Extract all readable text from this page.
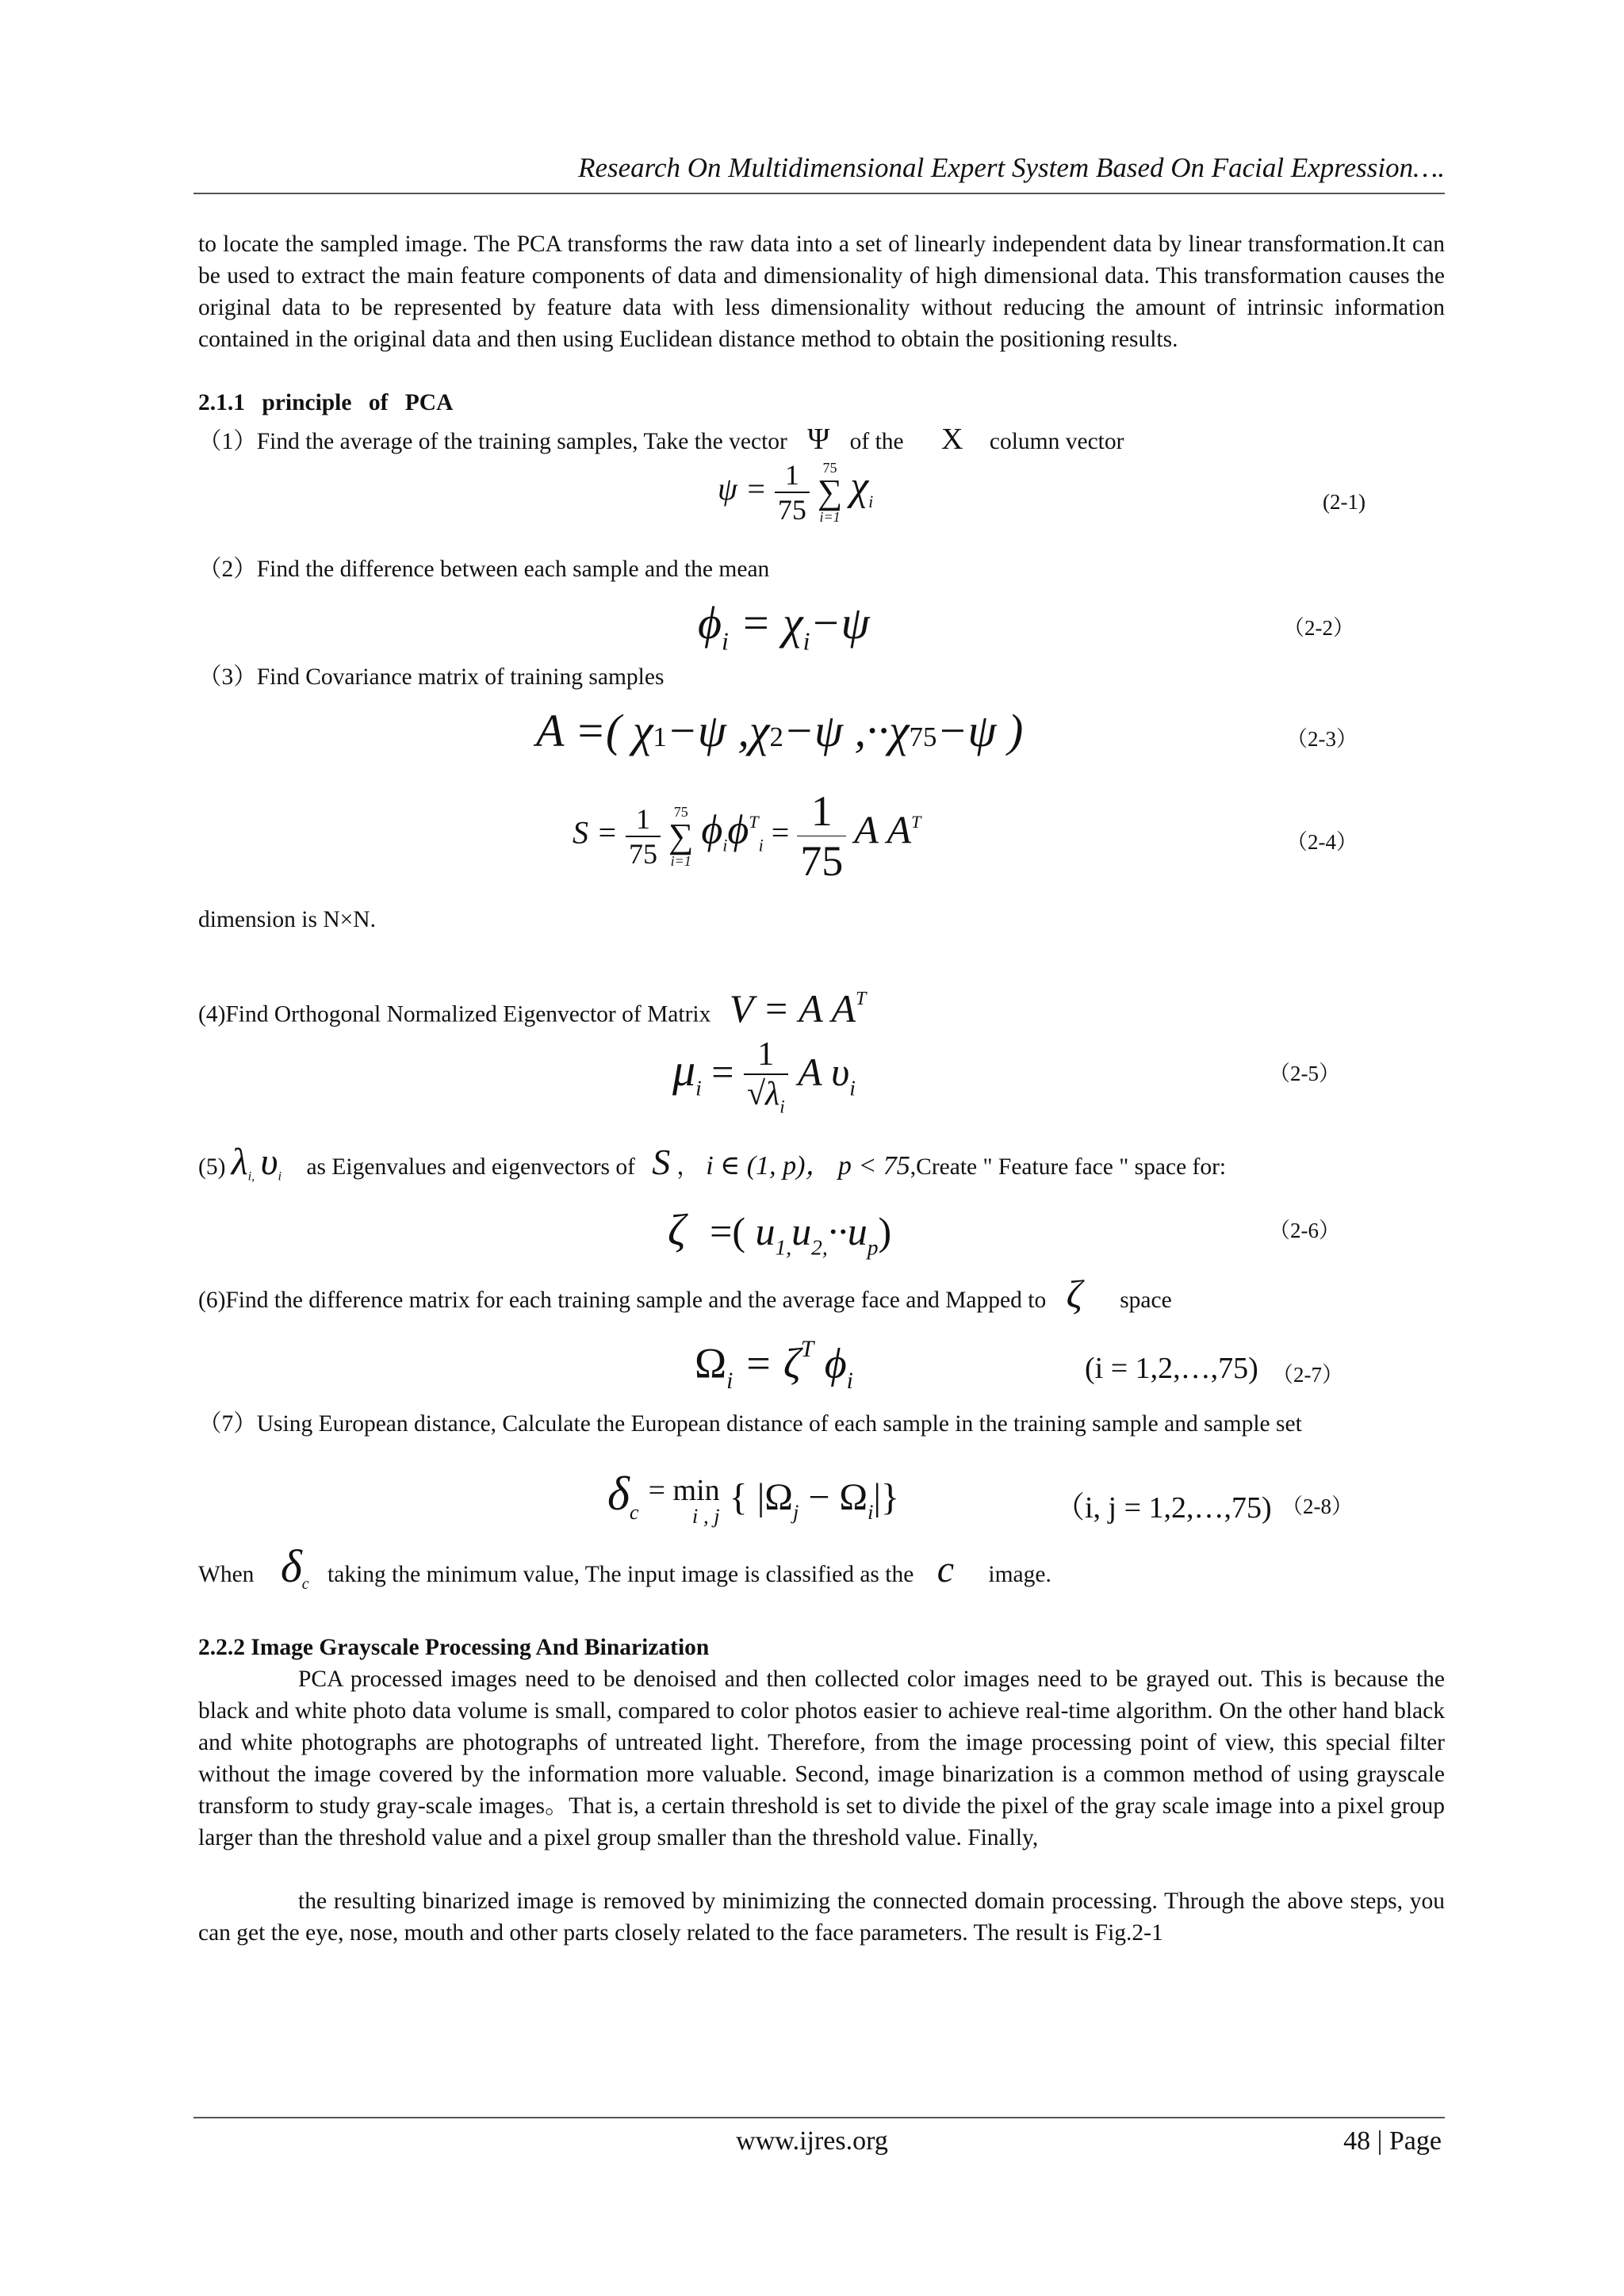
Research On Multidimensional Expert System Based On Facial Expression….
to locate the sampled image. The PCA transforms the raw data into a set of linearly independent data by linear transformation.It can be used to extract the main feature components of data and dimensionality of high dimensional data. This transformation causes the original data to be represented by feature data with less dimensionality without reducing the amount of intrinsic information contained in the original data and then using Euclidean distance method to obtain the positioning results.
2.1.1 principle of PCA
（1）Find the average of the training samples, Take the vector Ψ of the X column vector
$\psi = \frac{1}{75}$
75
∑
i=1
$\chi_i$	(2-1)
（2）Find the difference between each sample and the mean
$\phi_i = \chi_i-\psi$	（2-2）
（3）Find Covariance matrix of training samples
A =( χ1−ψ ,χ2−ψ ,··χ75−ψ )	（2-3）
$S = \frac{1}{75}$
75
∑
i=1
$\phi_i\phi^T_i = \frac{1}{75}$ A $A^T$
（2-4）
dimension is N×N.
(4)Find Orthogonal Normalized Eigenvector of Matrix V = A $A^T$
$\mu_i = \frac{1}{√\lambda_i}$ A $\upsilon_i$
（2-5）
(5) $\lambda_{i,}$ $\upsilon_i$ as Eigenvalues and eigenvectors of S ， i ∈ (1, p)， p < 75,Create " Feature face " space for:
ζ =( $u_{1,}u_{2,}\cdot\cdot u_p$)	（2-6）
(6)Find the difference matrix for each training sample and the average face and Mapped to ζ space
$\Omega_i = \zeta^T$ $\phi_i$	(i = 1,2,…,75) （2-7）
（7）Using European distance, Calculate the European distance of each sample in the training sample and sample set
$\delta_c$
= min
i , j { $|\Omega_j - \Omega_i|$}	（i, j = 1,2,…,75) （2-8）
When $\delta_c$ taking the minimum value, The input image is classified as the c image.
2.2.2 Image Grayscale Processing And Binarization
PCA processed images need to be denoised and then collected color images need to be grayed out. This is because the black and white photo data volume is small, compared to color photos easier to achieve real-time algorithm. On the other hand black and white photographs are photographs of untreated light. Therefore, from the image processing point of view, this special filter without the image covered by the information more valuable. Second, image binarization is a common method of using grayscale transform to study gray-scale images。That is, a certain threshold is set to divide the pixel of the gray scale image into a pixel group larger than the threshold value and a pixel group smaller than the threshold value. Finally,
the resulting binarized image is removed by minimizing the connected domain processing. Through the above steps, you can get the eye, nose, mouth and other parts closely related to the face parameters. The result is Fig.2-1
www.ijres.org	48 | Page
